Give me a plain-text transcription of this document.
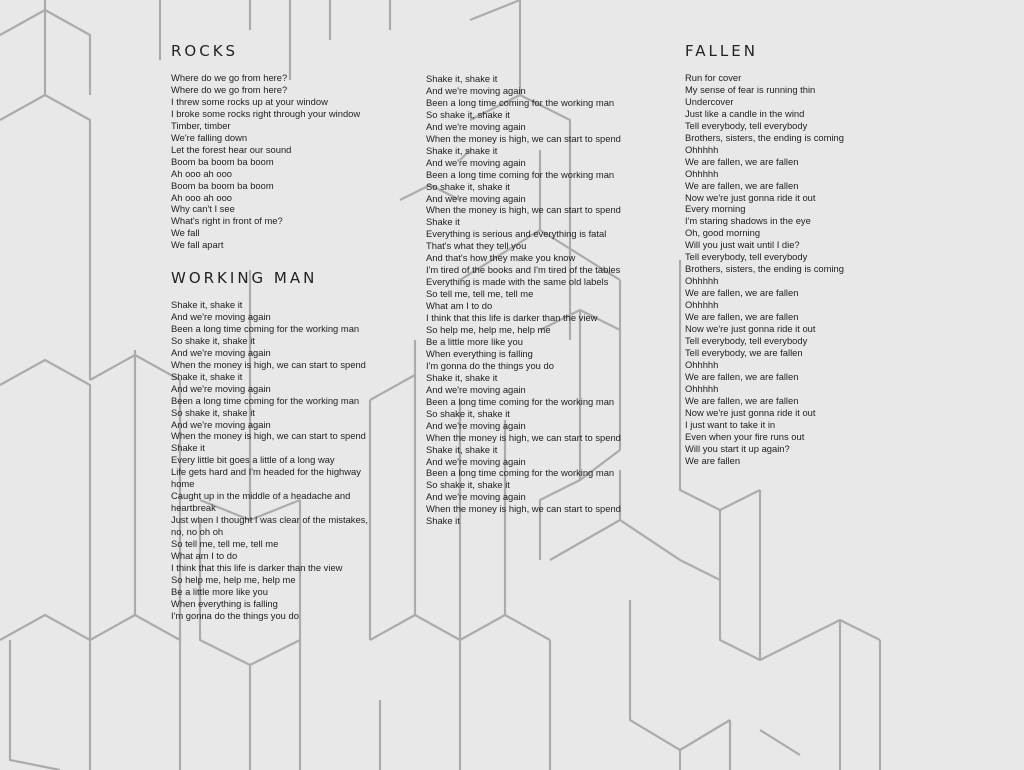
ROCKS
Where do we go from here?
Where do we go from here?
I threw some rocks up at your window
I broke some rocks right through your window
Timber, timber
We're falling down
Let the forest hear our sound
Boom ba boom ba boom
Ah ooo ah ooo
Boom ba boom ba boom
Ah ooo ah ooo
Why can't I see
What's right in front of me?
We fall
We fall apart
WORKING MAN
Shake it, shake it
And we're moving again
Been a long time coming for the working man
So shake it, shake it
And we're moving again
When the money is high, we can start to spend
Shake it, shake it
And we're moving again
Been a long time coming for the working man
So shake it, shake it
And we're moving again
When the money is high, we can start to spend
Shake it
Every little bit goes a little of a long way
Life gets hard and I'm headed for the highway home
Caught up in the middle of a headache and heartbreak
Just when I thought I was clear of the mistakes, no, no oh oh
So tell me, tell me, tell me
What am I to do
I think that this life is darker than the view
So help me, help me, help me
Be a little more like you
When everything is falling
I'm gonna do the things you do
Shake it, shake it
And we're moving again
Been a long time coming for the working man
So shake it, shake it
And we're moving again
When the money is high, we can start to spend
Shake it, shake it
And we're moving again
Been a long time coming for the working man
So shake it, shake it
And we're moving again
When the money is high, we can start to spend
Shake it
Everything is serious and everything is fatal
That's what they tell you
And that's how they make you know
I'm tired of the books and I'm tired of the tables
Everything is made with the same old labels
So tell me, tell me, tell me
What am I to do
I think that this life is darker than the view
So help me, help me, help me
Be a little more like you
When everything is falling
I'm gonna do the things you do
Shake it, shake it
And we're moving again
Been a long time coming for the working man
So shake it, shake it
And we're moving again
When the money is high, we can start to spend
Shake it, shake it
And we're moving again
Been a long time coming for the working man
So shake it, shake it
And we're moving again
When the money is high, we can start to spend
Shake it
FALLEN
Run for cover
My sense of fear is running thin
Undercover
Just like a candle in the wind
Tell everybody, tell everybody
Brothers, sisters, the ending is coming
Ohhhhh
We are fallen, we are fallen
Ohhhhh
We are fallen, we are fallen
Now we're just gonna ride it out
Every morning
I'm staring shadows in the eye
Oh, good morning
Will you just wait until I die?
Tell everybody, tell everybody
Brothers, sisters, the ending is coming
Ohhhhh
We are fallen, we are fallen
Ohhhhh
We are fallen, we are fallen
Now we're just gonna ride it out
Tell everybody, tell everybody
Tell everybody, we are fallen
Ohhhhh
We are fallen, we are fallen
Ohhhhh
We are fallen, we are fallen
Now we're just gonna ride it out
I just want to take it in
Even when your fire runs out
Will you start it up again?
We are fallen
